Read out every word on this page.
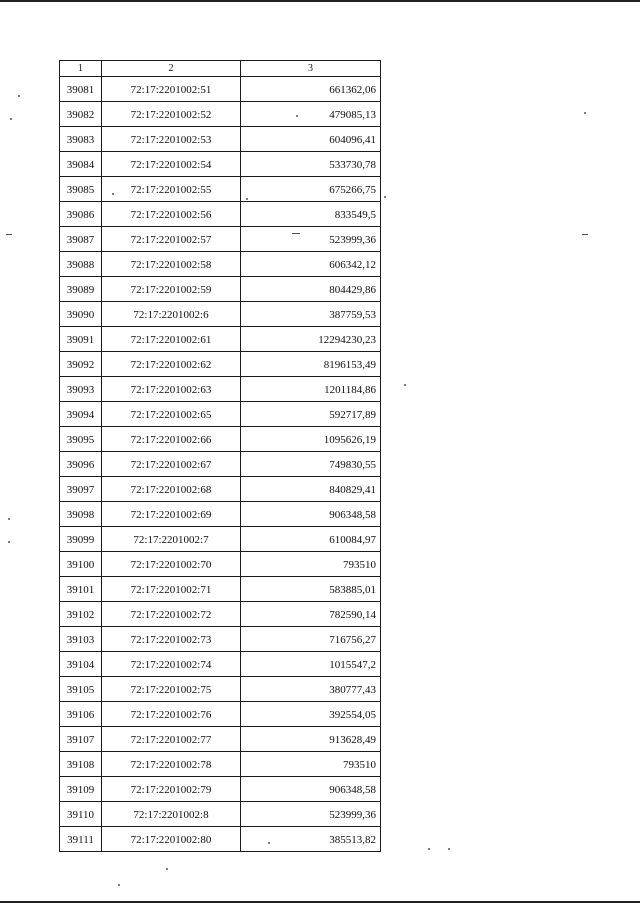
1	2	3
39081	72:17:2201002:51	661362,06
39082	72:17:2201002:52	479085,13
39083	72:17:2201002:53	604096,41
39084	72:17:2201002:54	533730,78
39085	72:17:2201002:55	675266,75
39086	72:17:2201002:56	833549,5
39087	72:17:2201002:57	523999,36
39088	72:17:2201002:58	606342,12
39089	72:17:2201002:59	804429,86
39090	72:17:2201002:6	387759,53
39091	72:17:2201002:61	12294230,23
39092	72:17:2201002:62	8196153,49
39093	72:17:2201002:63	1201184,86
39094	72:17:2201002:65	592717,89
39095	72:17:2201002:66	1095626,19
39096	72:17:2201002:67	749830,55
39097	72:17:2201002:68	840829,41
39098	72:17:2201002:69	906348,58
39099	72:17:2201002:7	610084,97
39100	72:17:2201002:70	793510
39101	72:17:2201002:71	583885,01
39102	72:17:2201002:72	782590,14
39103	72:17:2201002:73	716756,27
39104	72:17:2201002:74	1015547,2
39105	72:17:2201002:75	380777,43
39106	72:17:2201002:76	392554,05
39107	72:17:2201002:77	913628,49
39108	72:17:2201002:78	793510
39109	72:17:2201002:79	906348,58
39110	72:17:2201002:8	523999,36
39111	72:17:2201002:80	385513,82
